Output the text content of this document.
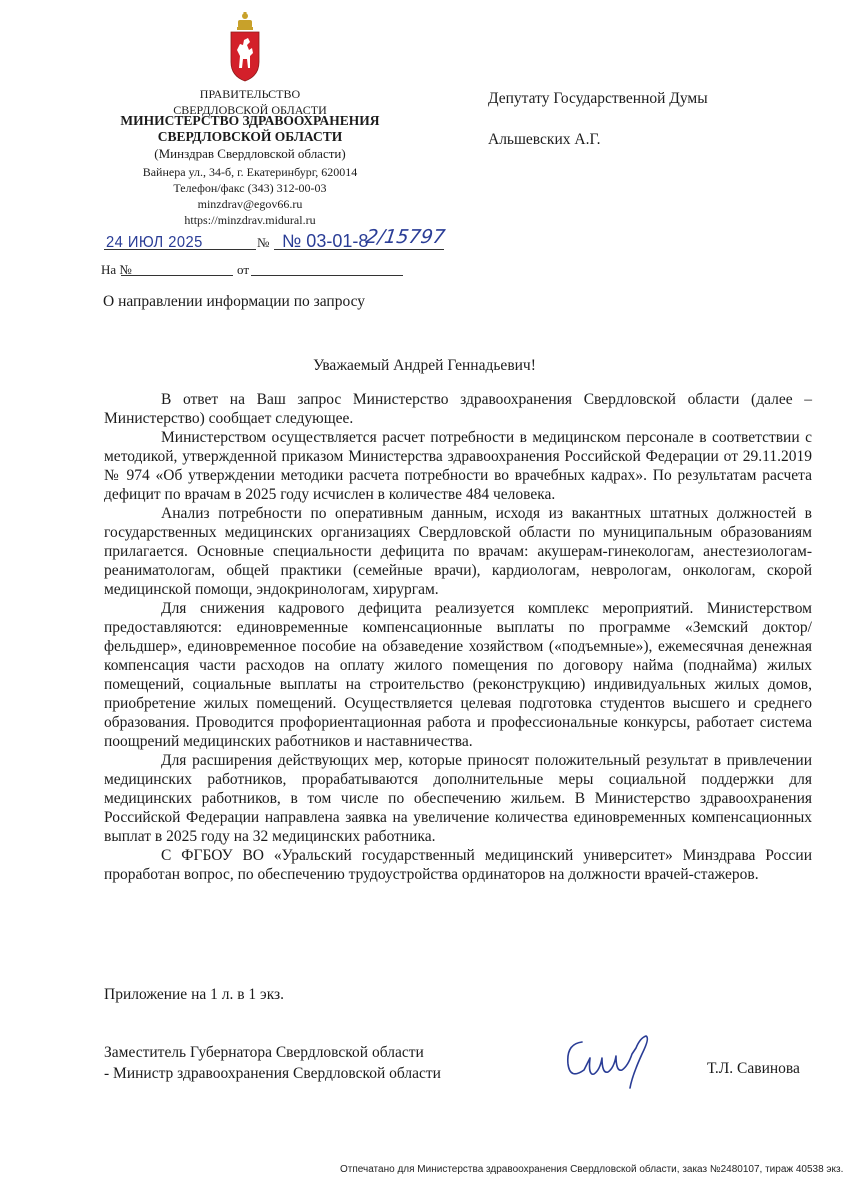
ПРАВИТЕЛЬСТВО
СВЕРДЛОВСКОЙ ОБЛАСТИ
МИНИСТЕРСТВО ЗДРАВООХРАНЕНИЯ
СВЕРДЛОВСКОЙ ОБЛАСТИ
(Минздрав Свердловской области)
Вайнера ул., 34-б, г. Екатеринбург, 620014
Телефон/факс (343) 312-00-03
minzdrav@egov66.ru
https://minzdrav.midural.ru
24 ИЮЛ 2025	№ № 03-01-8
2/15797
На №	от
Депутату Государственной Думы
Альшевских А.Г.
О направлении информации по запросу
Уважаемый Андрей Геннадьевич!

В ответ на Ваш запрос Министерство здравоохранения Свердловской области (далее – Министерство) сообщает следующее.

Министерством осуществляется расчет потребности в медицинском персонале в соответствии с методикой, утвержденной приказом Министерства здравоохранения Российской Федерации от 29.11.2019 № 974 «Об утверждении методики расчета потребности во врачебных кадрах». По результатам расчета дефицит по врачам в 2025 году исчислен в количестве 484 человека.

Анализ потребности по оперативным данным, исходя из вакантных штатных должностей в государственных медицинских организациях Свердловской области по муниципальным образованиям прилагается. Основные специальности дефицита по врачам: акушерам-гинекологам, анестезиологам-реаниматологам, общей практики (семейные врачи), кардиологам, неврологам, онкологам, скорой медицинской помощи, эндокринологам, хирургам.

Для снижения кадрового дефицита реализуется комплекс мероприятий. Министерством предоставляются: единовременные компенсационные выплаты по программе «Земский доктор/фельдшер», единовременное пособие на обзаведение хозяйством («подъемные»), ежемесячная денежная компенсация части расходов на оплату жилого помещения по договору найма (поднайма) жилых помещений, социальные выплаты на строительство (реконструкцию) индивидуальных жилых домов, приобретение жилых помещений. Осуществляется целевая подготовка студентов высшего и среднего образования. Проводится профориентационная работа и профессиональные конкурсы, работает система поощрений медицинских работников и наставничества.

Для расширения действующих мер, которые приносят положительный результат в привлечении медицинских работников, прорабатываются дополнительные меры социальной поддержки для медицинских работников, в том числе по обеспечению жильем. В Министерство здравоохранения Российской Федерации направлена заявка на увеличение количества единовременных компенсационных выплат в 2025 году на 32 медицинских работника.

С ФГБОУ ВО «Уральский государственный медицинский университет» Минздрава России проработан вопрос, по обеспечению трудоустройства ординаторов на должности врачей-стажеров.

Приложение на 1 л. в 1 экз.
Заместитель Губернатора Свердловской области
- Министр здравоохранения Свердловской области	Т.Л. Савинова
Отпечатано для Министерства здравоохранения Свердловской области, заказ №2480107, тираж 40538 экз.
